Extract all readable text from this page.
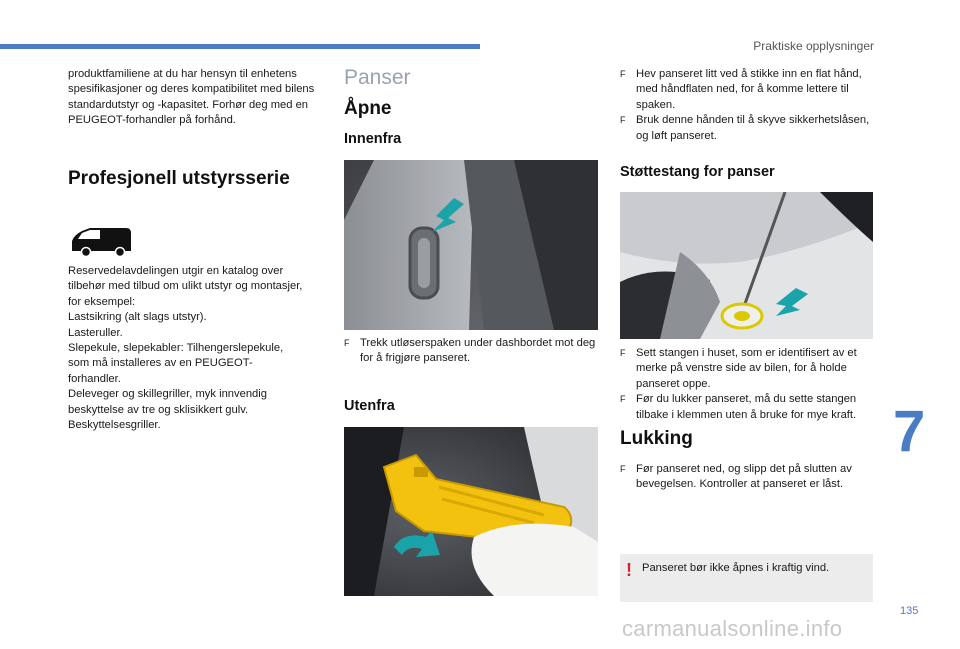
Praktiske opplysninger
produktfamiliene at du har hensyn til enhetens spesifikasjoner og deres kompatibilitet med bilens standardutstyr og -kapasitet. Forhør deg med en PEUGEOT-forhandler på forhånd.
Profesjonell utstyrsserie
Reservedelavdelingen utgir en katalog over
tilbehør med tilbud om ulikt utstyr og montasjer,
for eksempel:
Lastsikring (alt slags utstyr).
Lasteruller.
Slepekule, slepekabler: Tilhengerslepekule,
som må installeres av en PEUGEOT-
forhandler.
Deleveger og skillegriller, myk innvendig
beskyttelse av tre og sklisikkert gulv.
Beskyttelsesgriller.
Panser
Åpne
Innenfra
F Trekk utløserspaken under dashbordet mot deg for å frigjøre panseret.
Utenfra
F Hev panseret litt ved å stikke inn en flat hånd, med håndflaten ned, for å komme lettere til spaken.
F Bruk denne hånden til å skyve sikkerhetslåsen, og løft panseret.
Støttestang for panser
F Sett stangen i huset, som er identifisert av et merke på venstre side av bilen, for å holde panseret oppe.
F Før du lukker panseret, må du sette stangen tilbake i klemmen uten å bruke for mye kraft.
Lukking
F Før panseret ned, og slipp det på slutten av bevegelsen. Kontroller at panseret er låst.
! Panseret bør ikke åpnes i kraftig vind.
7
135
carmanualsonline.info
